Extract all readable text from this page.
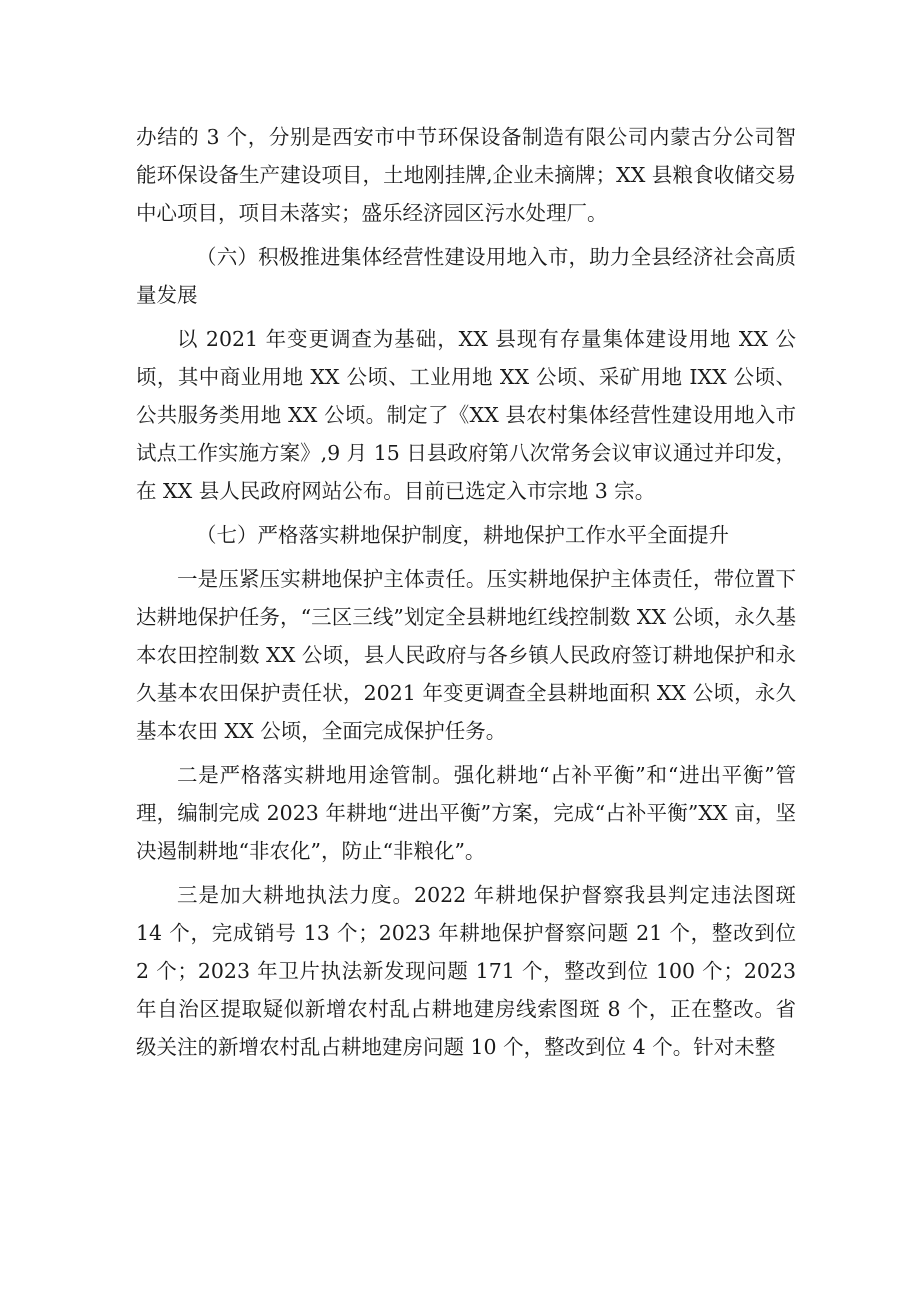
办结的 3 个，分别是西安市中节环保设备制造有限公司内蒙古分公司智能环保设备生产建设项目，土地刚挂牌,企业未摘牌；XX 县粮食收储交易中心项目，项目未落实；盛乐经济园区污水处理厂。

（六）积极推进集体经营性建设用地入市，助力全县经济社会高质量发展

以 2021 年变更调查为基础，XX 县现有存量集体建设用地 XX 公顷，其中商业用地 XX 公顷、工业用地 XX 公顷、采矿用地 IXX 公顷、公共服务类用地 XX 公顷。制定了《XX 县农村集体经营性建设用地入市试点工作实施方案》,9 月 15 日县政府第八次常务会议审议通过并印发，在 XX 县人民政府网站公布。目前已选定入市宗地 3 宗。

（七）严格落实耕地保护制度，耕地保护工作水平全面提升

一是压紧压实耕地保护主体责任。压实耕地保护主体责任，带位置下达耕地保护任务，“三区三线”划定全县耕地红线控制数 XX 公顷，永久基本农田控制数 XX 公顷，县人民政府与各乡镇人民政府签订耕地保护和永久基本农田保护责任状，2021 年变更调查全县耕地面积 XX 公顷，永久基本农田 XX 公顷，全面完成保护任务。

二是严格落实耕地用途管制。强化耕地“占补平衡”和“进出平衡”管理，编制完成 2023 年耕地“进出平衡”方案，完成“占补平衡”XX 亩，坚决遏制耕地“非农化”，防止“非粮化”。

三是加大耕地执法力度。2022 年耕地保护督察我县判定违法图斑 14 个，完成销号 13 个；2023 年耕地保护督察问题 21 个，整改到位 2 个；2023 年卫片执法新发现问题 171 个，整改到位 100 个；2023 年自治区提取疑似新增农村乱占耕地建房线索图斑 8 个，正在整改。省级关注的新增农村乱占耕地建房问题 10 个，整改到位 4 个。针对未整
